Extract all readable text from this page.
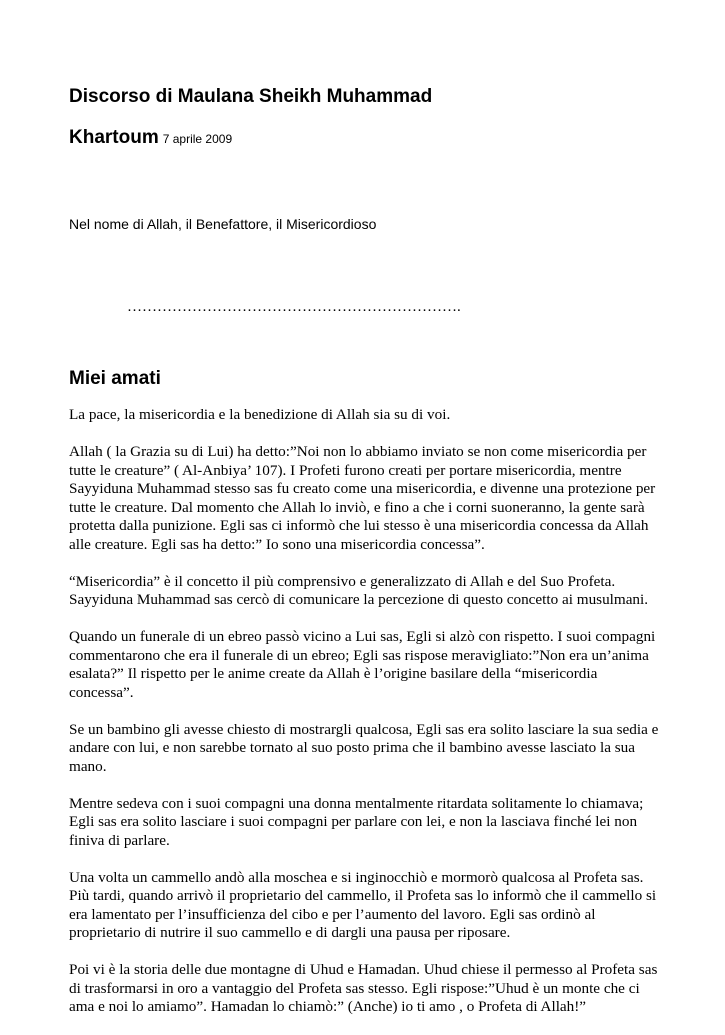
Discorso di Maulana Sheikh Muhammad
Khartoum 7 aprile 2009
Nel nome di Allah, il Benefattore, il Misericordioso
………………………………………………………….
Miei amati

La pace, la misericordia e la benedizione di Allah sia su di voi.

Allah ( la Grazia su di Lui) ha detto:”Noi non lo abbiamo inviato se non come misericordia per tutte le creature” ( Al-Anbiya’ 107). I Profeti furono creati per portare misericordia, mentre Sayyiduna Muhammad stesso sas fu creato come una misericordia, e divenne una protezione per tutte le creature. Dal momento che Allah lo inviò, e fino a che i corni suoneranno, la gente sarà protetta dalla punizione. Egli sas ci informò che lui stesso è una misericordia concessa da Allah alle creature. Egli sas ha detto:” Io sono una misericordia concessa”.

“Misericordia” è il concetto il più comprensivo e generalizzato di Allah e del Suo Profeta. Sayyiduna Muhammad sas cercò di comunicare la percezione di questo concetto ai musulmani.

Quando un funerale di un ebreo passò vicino a Lui sas, Egli si alzò con rispetto. I suoi compagni commentarono che era il funerale di un ebreo; Egli sas rispose meravigliato:”Non era un’anima esalata?” Il rispetto per le anime create da Allah è l’origine basilare della “misericordia concessa”.

Se un bambino gli avesse chiesto di mostrargli qualcosa, Egli sas era solito lasciare la sua sedia e andare con lui, e non sarebbe tornato al suo posto prima che il bambino avesse lasciato la sua mano.

Mentre sedeva con i suoi compagni una donna mentalmente ritardata solitamente lo chiamava; Egli sas era solito lasciare i suoi compagni per parlare con lei, e non la lasciava finché lei non finiva di parlare.

Una volta un cammello andò alla moschea e si inginocchiò e mormorò qualcosa al Profeta sas. Più tardi, quando arrivò il proprietario del cammello, il Profeta sas lo informò che il cammello si era lamentato per l’insufficienza del cibo e per l’aumento del lavoro. Egli sas ordinò al proprietario di nutrire il suo cammello e di dargli una pausa per riposare.

Poi vi è la storia delle due montagne di Uhud e Hamadan. Uhud chiese il permesso al Profeta sas di trasformarsi in oro a vantaggio del Profeta sas stesso. Egli rispose:”Uhud è un monte che ci ama e noi lo amiamo”. Hamadan lo chiamò:” (Anche) io ti amo , o Profeta di Allah!”
